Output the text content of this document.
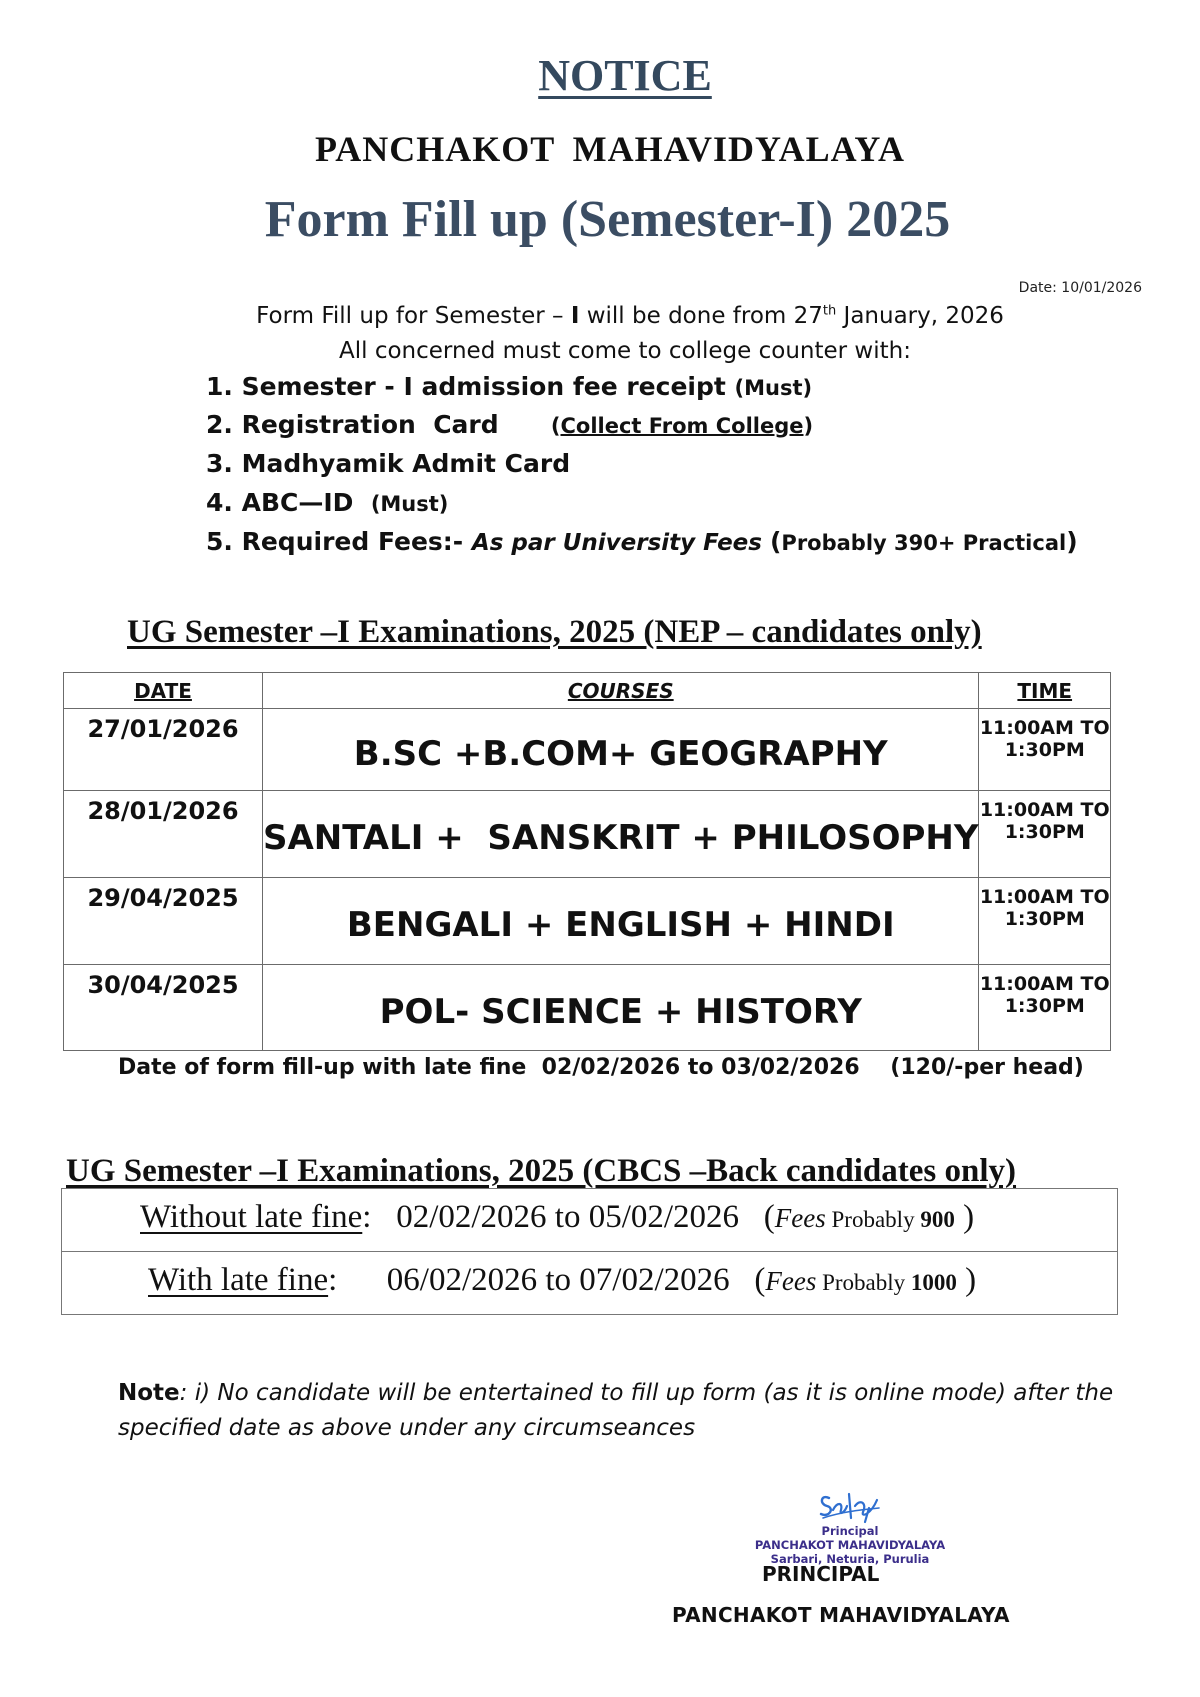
NOTICE
PANCHAKOT MAHAVIDYALAYA
Form Fill up (Semester-I) 2025
Date: 10/01/2026
Form Fill up for Semester – I will be done from 27th January, 2026
All concerned must come to college counter with:
1. Semester - I admission fee receipt (Must)
2. Registration  Card      (Collect From College)
3. Madhyamik Admit Card
4. ABC—ID  (Must)
5. Required Fees:- As par University Fees (Probably 390+ Practical)
UG Semester –I Examinations, 2025 (NEP – candidates only)
DATE	COURSES	TIME
27/01/2026	B.SC +B.COM+ GEOGRAPHY	11:00AM TO 1:30PM
28/01/2026	SANTALI +  SANSKRIT + PHILOSOPHY	11:00AM TO 1:30PM
29/04/2025	BENGALI + ENGLISH + HINDI	11:00AM TO 1:30PM
30/04/2025	POL- SCIENCE + HISTORY	11:00AM TO 1:30PM
Date of form fill-up with late fine  02/02/2026 to 03/02/2026    (120/-per head)
UG Semester –I Examinations, 2025 (CBCS –Back candidates only)
Without late fine:   02/02/2026 to 05/02/2026   (Fees Probably 900 )
With late fine:      06/02/2026 to 07/02/2026   (Fees Probably 1000 )
Note: i) No candidate will be entertained to fill up form (as it is online mode) after the specified date as above under any circumseances
Principal
PANCHAKOT MAHAVIDYALAYA
Sarbari, Neturia, Purulia
PRINCIPAL
PANCHAKOT MAHAVIDYALAYA
